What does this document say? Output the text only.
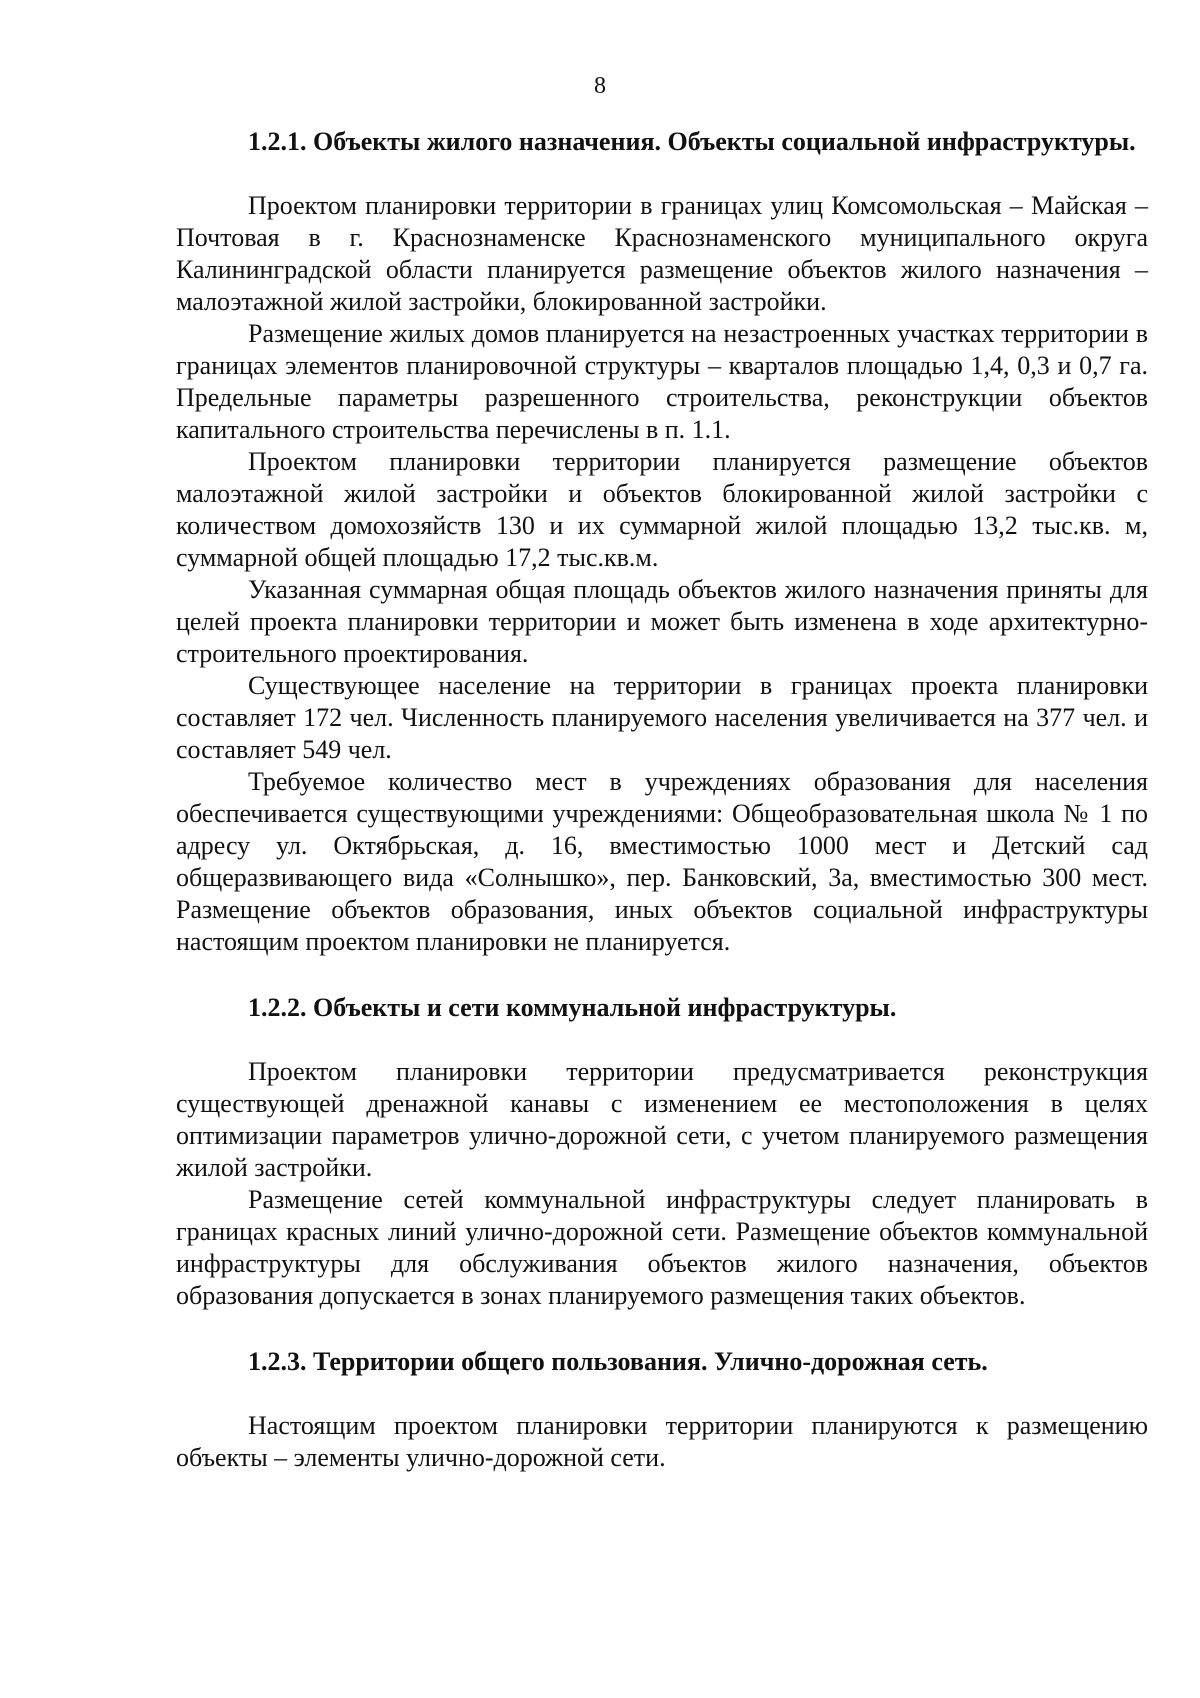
8
1.2.1. Объекты жилого назначения. Объекты социальной инфраструктуры.

Проектом планировки территории в границах улиц Комсомольская – Майская – Почтовая в г. Краснознаменске Краснознаменского муниципального округа Калининградской области планируется размещение объектов жилого назначения – малоэтажной жилой застройки, блокированной застройки.

Размещение жилых домов планируется на незастроенных участках территории в границах элементов планировочной структуры – кварталов площадью 1,4, 0,3 и 0,7 га. Предельные параметры разрешенного строительства, реконструкции объектов капитального строительства перечислены в п. 1.1.

Проектом планировки территории планируется размещение объектов малоэтажной жилой застройки и объектов блокированной жилой застройки с количеством домохозяйств 130 и их суммарной жилой площадью 13,2 тыс.кв. м, суммарной общей площадью 17,2 тыс.кв.м.

Указанная суммарная общая площадь объектов жилого назначения приняты для целей проекта планировки территории и может быть изменена в ходе архитектурно-строительного проектирования.

Существующее население на территории в границах проекта планировки составляет 172 чел. Численность планируемого населения увеличивается на 377 чел. и составляет 549 чел.

Требуемое количество мест в учреждениях образования для населения обеспечивается существующими учреждениями: Общеобразовательная школа № 1 по адресу ул. Октябрьская, д. 16, вместимостью 1000 мест и Детский сад общеразвивающего вида «Солнышко», пер. Банковский, 3а, вместимостью 300 мест. Размещение объектов образования, иных объектов социальной инфраструктуры настоящим проектом планировки не планируется.

1.2.2. Объекты и сети коммунальной инфраструктуры.

Проектом планировки территории предусматривается реконструкция существующей дренажной канавы с изменением ее местоположения в целях оптимизации параметров улично-дорожной сети, с учетом планируемого размещения жилой застройки.

Размещение сетей коммунальной инфраструктуры следует планировать в границах красных линий улично-дорожной сети. Размещение объектов коммунальной инфраструктуры для обслуживания объектов жилого назначения, объектов образования допускается в зонах планируемого размещения таких объектов.

1.2.3. Территории общего пользования. Улично-дорожная сеть.

Настоящим проектом планировки территории планируются к размещению объекты – элементы улично-дорожной сети.
